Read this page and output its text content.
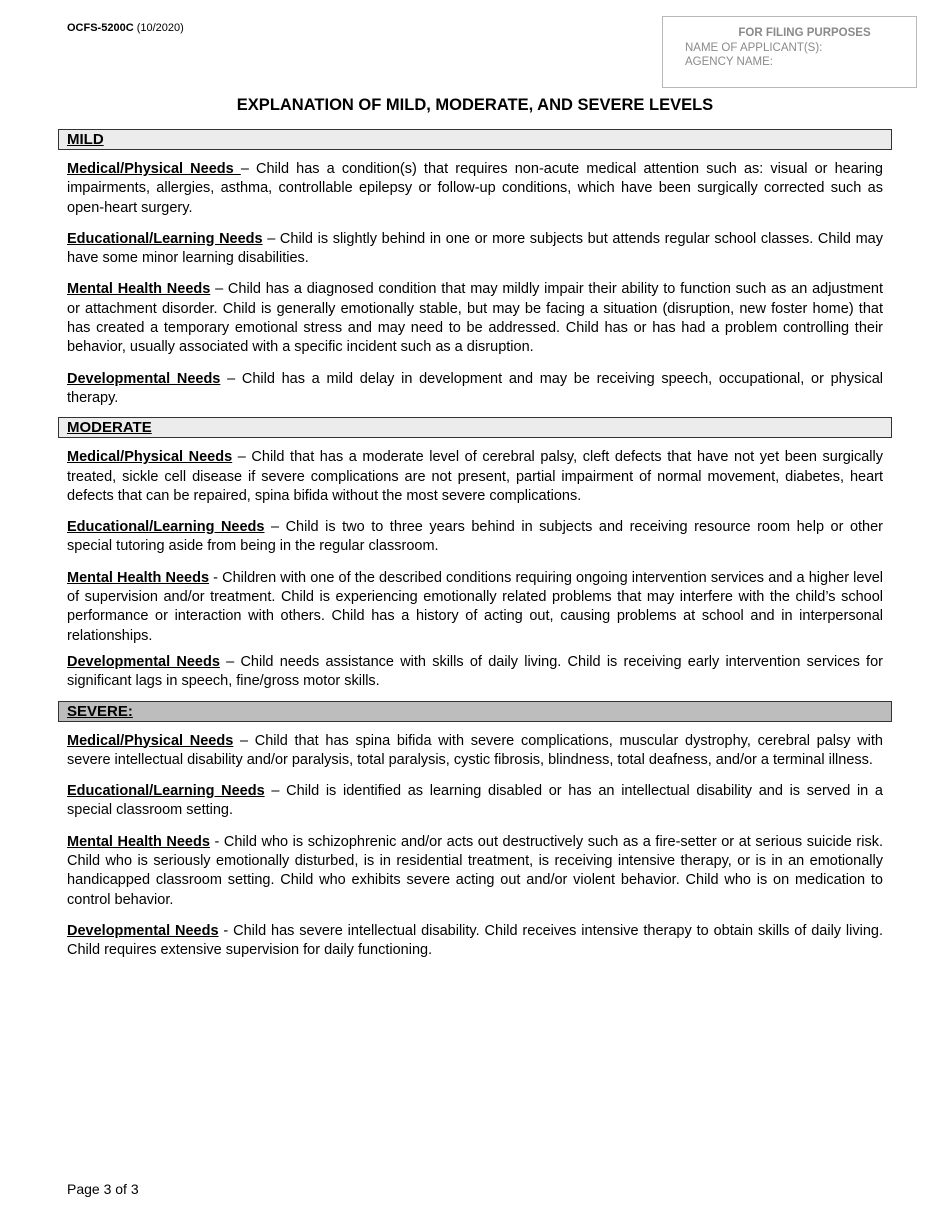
OCFS-5200C (10/2020)	FOR FILING PURPOSES
NAME OF APPLICANT(S):
AGENCY NAME:
EXPLANATION OF MILD, MODERATE, AND SEVERE LEVELS
MILD

Medical/Physical Needs – Child has a condition(s) that requires non-acute medical attention such as: visual or hearing impairments, allergies, asthma, controllable epilepsy or follow-up conditions, which have been surgically corrected such as open-heart surgery.

Educational/Learning Needs – Child is slightly behind in one or more subjects but attends regular school classes. Child may have some minor learning disabilities.

Mental Health Needs – Child has a diagnosed condition that may mildly impair their ability to function such as an adjustment or attachment disorder. Child is generally emotionally stable, but may be facing a situation (disruption, new foster home) that has created a temporary emotional stress and may need to be addressed. Child has or has had a problem controlling their behavior, usually associated with a specific incident such as a disruption.

Developmental Needs – Child has a mild delay in development and may be receiving speech, occupational, or physical therapy.

MODERATE

Medical/Physical Needs – Child that has a moderate level of cerebral palsy, cleft defects that have not yet been surgically treated, sickle cell disease if severe complications are not present, partial impairment of normal movement, diabetes, heart defects that can be repaired, spina bifida without the most severe complications.

Educational/Learning Needs – Child is two to three years behind in subjects and receiving resource room help or other special tutoring aside from being in the regular classroom.

Mental Health Needs - Children with one of the described conditions requiring ongoing intervention services and a higher level of supervision and/or treatment. Child is experiencing emotionally related problems that may interfere with the child’s school performance or interaction with others. Child has a history of acting out, causing problems at school and in interpersonal relationships.

Developmental Needs – Child needs assistance with skills of daily living. Child is receiving early intervention services for significant lags in speech, fine/gross motor skills.

SEVERE:

Medical/Physical Needs – Child that has spina bifida with severe complications, muscular dystrophy, cerebral palsy with severe intellectual disability and/or paralysis, total paralysis, cystic fibrosis, blindness, total deafness, and/or a terminal illness.

Educational/Learning Needs – Child is identified as learning disabled or has an intellectual disability and is served in a special classroom setting.

Mental Health Needs - Child who is schizophrenic and/or acts out destructively such as a fire-setter or at serious suicide risk. Child who is seriously emotionally disturbed, is in residential treatment, is receiving intensive therapy, or is in an emotionally handicapped classroom setting. Child who exhibits severe acting out and/or violent behavior. Child who is on medication to control behavior.

Developmental Needs - Child has severe intellectual disability. Child receives intensive therapy to obtain skills of daily living. Child requires extensive supervision for daily functioning.

Page 3 of 3
